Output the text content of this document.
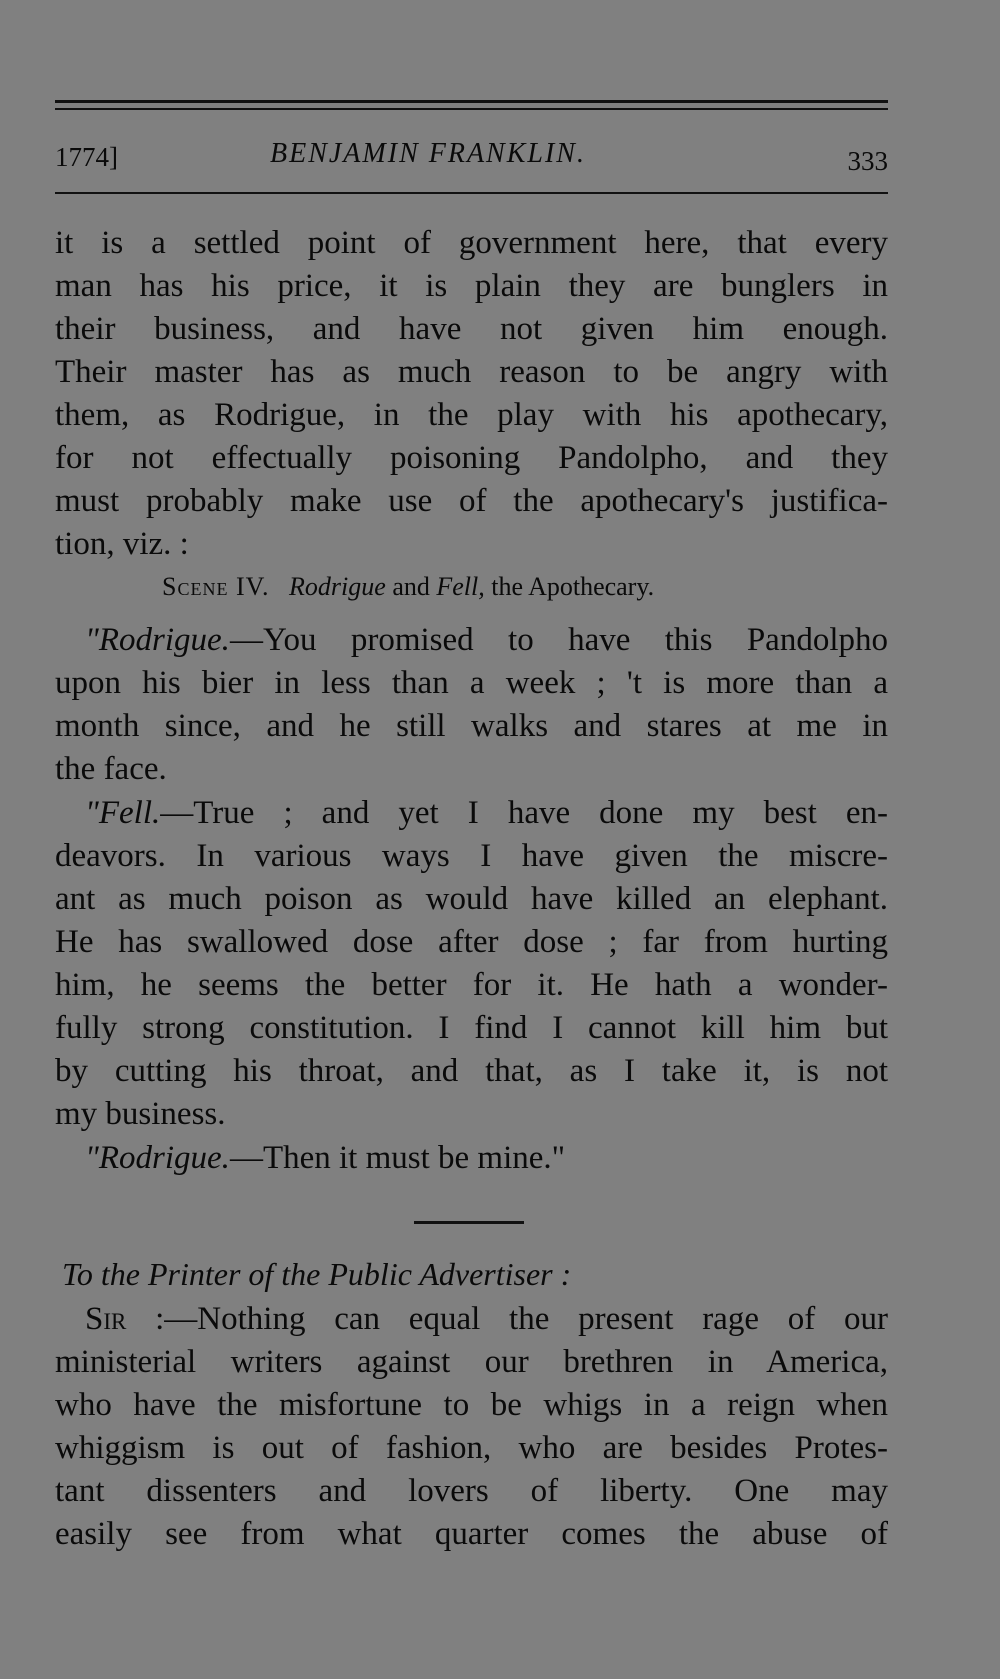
1774]	BENJAMIN FRANKLIN.	333
it is a settled point of government here, that every
man has his price, it is plain they are bunglers in
their business, and have not given him enough.
Their master has as much reason to be angry with
them, as Rodrigue, in the play with his apothecary,
for not effectually poisoning Pandolpho, and they
must probably make use of the apothecary's justifica-
tion, viz. :
Scene IV. Rodrigue and Fell, the Apothecary.
"Rodrigue.—You promised to have this Pandolpho
upon his bier in less than a week ; 't is more than a
month since, and he still walks and stares at me in
the face.
"Fell.—True ; and yet I have done my best en-
deavors. In various ways I have given the miscre-
ant as much poison as would have killed an elephant.
He has swallowed dose after dose ; far from hurting
him, he seems the better for it. He hath a wonder-
fully strong constitution. I find I cannot kill him but
by cutting his throat, and that, as I take it, is not
my business.
"Rodrigue.—Then it must be mine."
To the Printer of the Public Advertiser :
Sir :—Nothing can equal the present rage of our
ministerial writers against our brethren in America,
who have the misfortune to be whigs in a reign when
whiggism is out of fashion, who are besides Protes-
tant dissenters and lovers of liberty. One may
easily see from what quarter comes the abuse of
